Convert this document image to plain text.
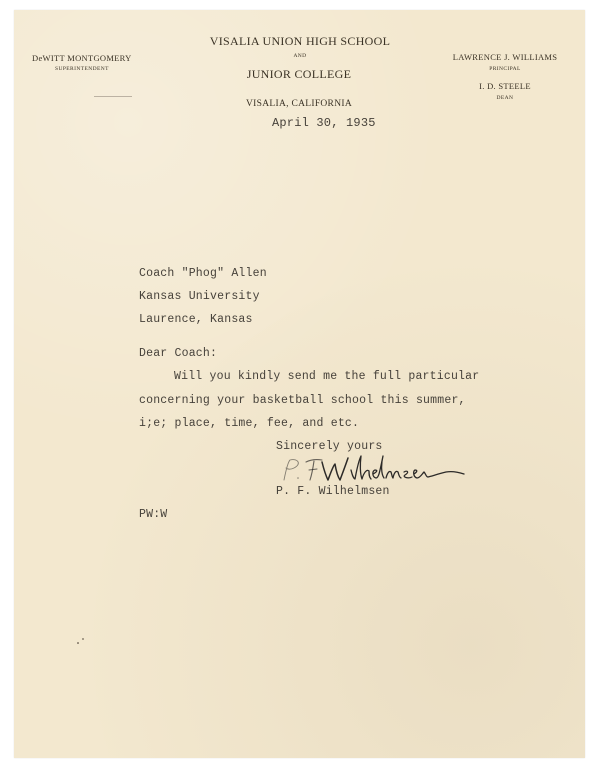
DeWITT MONTGOMERY
SUPERINTENDENT
VISALIA UNION HIGH SCHOOL
AND
JUNIOR COLLEGE
VISALIA, CALIFORNIA
LAWRENCE J. WILLIAMS
PRINCIPAL
I. D. STEELE
DEAN
April 30, 1935
Coach "Phog" Allen
Kansas University
Laurence, Kansas
Dear Coach:
Will you kindly send me the full particular
concerning your basketball school this summer,
i;e; place, time, fee, and etc.
Sincerely yours
P. F. Wilhelmsen
PW:W
